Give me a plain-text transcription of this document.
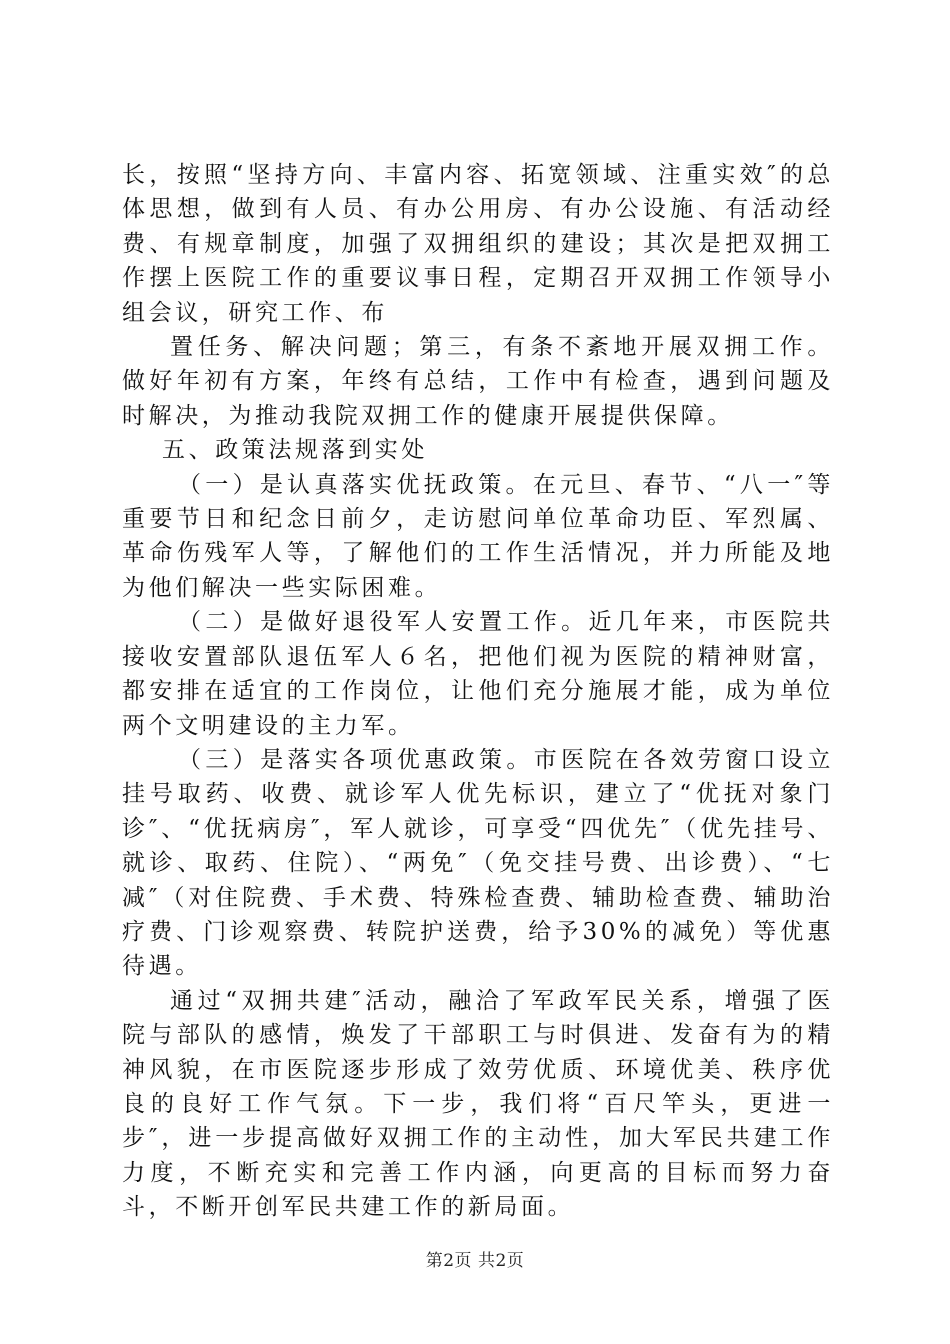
长，按照“坚持方向、丰富内容、拓宽领域、注重实效″的总体思想，做到有人员、有办公用房、有办公设施、有活动经费、有规章制度，加强了双拥组织的建设；其次是把双拥工作摆上医院工作的重要议事日程，定期召开双拥工作领导小组会议，研究工作、布

置任务、解决问题；第三，有条不紊地开展双拥工作。做好年初有方案，年终有总结，工作中有检查，遇到问题及时解决，为推动我院双拥工作的健康开展提供保障。

五、政策法规落到实处

（一）是认真落实优抚政策。在元旦、春节、“八一″等重要节日和纪念日前夕，走访慰问单位革命功臣、军烈属、革命伤残军人等，了解他们的工作生活情况，并力所能及地为他们解决一些实际困难。

（二）是做好退役军人安置工作。近几年来，市医院共接收安置部队退伍军人６名，把他们视为医院的精神财富，都安排在适宜的工作岗位，让他们充分施展才能，成为单位两个文明建设的主力军。

（三）是落实各项优惠政策。市医院在各效劳窗口设立挂号取药、收费、就诊军人优先标识，建立了“优抚对象门诊″、“优抚病房″，军人就诊，可享受“四优先″（优先挂号、就诊、取药、住院）、“两免″（免交挂号费、出诊费）、“七减″（对住院费、手术费、特殊检查费、辅助检查费、辅助治疗费、门诊观察费、转院护送费，给予30%的减免）等优惠待遇。

通过“双拥共建″活动，融洽了军政军民关系，增强了医院与部队的感情，焕发了干部职工与时俱进、发奋有为的精神风貌，在市医院逐步形成了效劳优质、环境优美、秩序优良的良好工作气氛。下一步，我们将“百尺竿头，更进一步″，进一步提高做好双拥工作的主动性，加大军民共建工作力度，不断充实和完善工作内涵，向更高的目标而努力奋斗，不断开创军民共建工作的新局面。

第2页 共2页
